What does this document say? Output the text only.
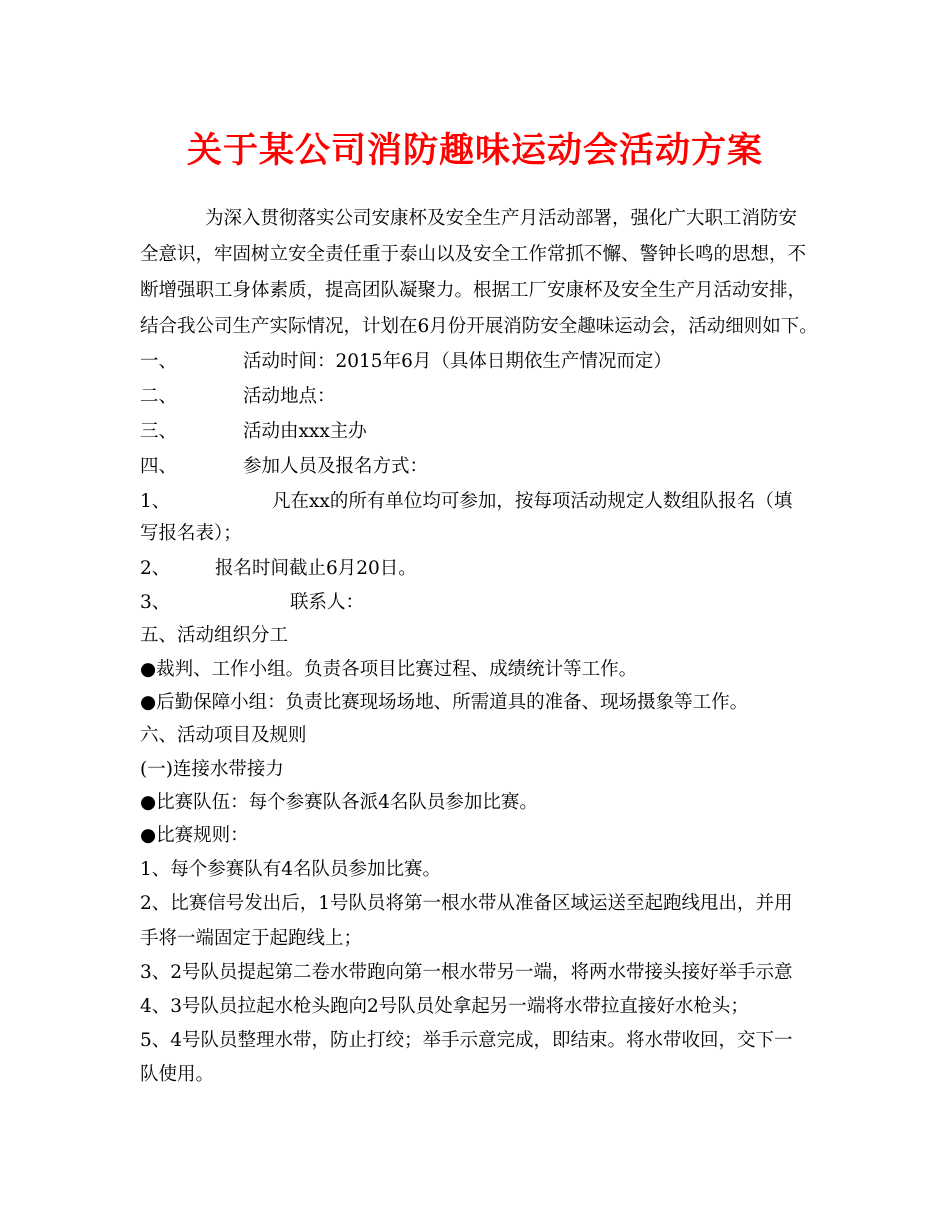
关于某公司消防趣味运动会活动方案
为深入贯彻落实公司安康杯及安全生产月活动部署，强化广大职工消防安
全意识，牢固树立安全责任重于泰山以及安全工作常抓不懈、警钟长鸣的思想，不
断增强职工身体素质，提高团队凝聚力。根据工厂安康杯及安全生产月活动安排，
结合我公司生产实际情况，计划在6月份开展消防安全趣味运动会，活动细则如下。
一、	活动时间：2015年6月（具体日期依生产情况而定）
二、	活动地点：
三、	活动由xxx主办
四、	参加人员及报名方式：
1、	凡在xx的所有单位均可参加，按每项活动规定人数组队报名（填
写报名表）；
2、 报名时间截止6月20日。
3、	联系人：
五、活动组织分工
●裁判、工作小组。负责各项目比赛过程、成绩统计等工作。
●后勤保障小组：负责比赛现场场地、所需道具的准备、现场摄象等工作。
六、活动项目及规则
(一)连接水带接力
●比赛队伍：每个参赛队各派4名队员参加比赛。
●比赛规则：
1、每个参赛队有4名队员参加比赛。
2、比赛信号发出后，1号队员将第一根水带从准备区域运送至起跑线甩出，并用
手将一端固定于起跑线上；
3、2号队员提起第二卷水带跑向第一根水带另一端，将两水带接头接好举手示意
4、3号队员拉起水枪头跑向2号队员处拿起另一端将水带拉直接好水枪头；
5、4号队员整理水带，防止打绞；举手示意完成，即结束。将水带收回，交下一
队使用。
